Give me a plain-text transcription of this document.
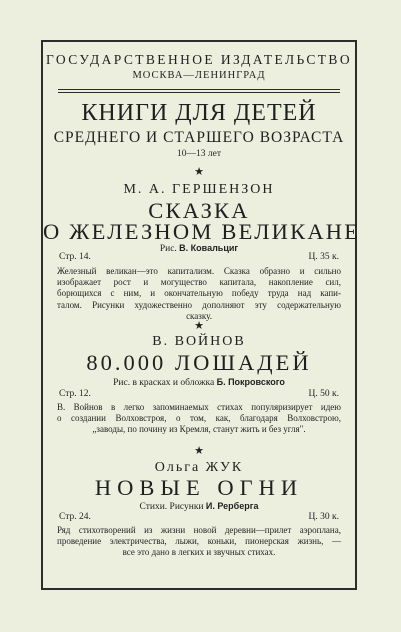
ГОСУДАРСТВЕННОЕ ИЗДАТЕЛЬСТВО
МОСКВА—ЛЕНИНГРАД
КНИГИ ДЛЯ ДЕТЕЙ
СРЕДНЕГО И СТАРШЕГО ВОЗРАСТА
10—13 лет
★
М. А. ГЕРШЕНЗОН
СКАЗКА
О ЖЕЛЕЗНОМ ВЕЛИКАНЕ
Рис. В. Ковальциг
Стр. 14.	Ц. 35 к.
Железный великан—это капитализм. Сказка образно и сильно
изображает рост и могущество капитала, накопление сил,
борющихся с ним, и окончательную победу труда над капи-
талом. Рисунки художественно дополняют эту содержательную
сказку.
★
В. ВОЙНОВ
80.000 ЛОШАДЕЙ
Рис. в красках и обложка Б. Покровского
Стр. 12.	Ц. 50 к.
В. Войнов в легко запоминаемых стихах популяризирует идею
о создании Волховстроя, о том, как, благодаря Волховстрою,
„заводы, по почину из Кремля, станут жить и без угля".
★
Ольга ЖУК
НОВЫЕ ОГНИ
Стихи. Рисунки И. Рерберга
Стр. 24.	Ц. 30 к.
Ряд стихотворений из жизни новой деревни—прилет аэроплана,
проведение электричества, лыжи, коньки, пионерская жизнь, —
все это дано в легких и звучных стихах.
